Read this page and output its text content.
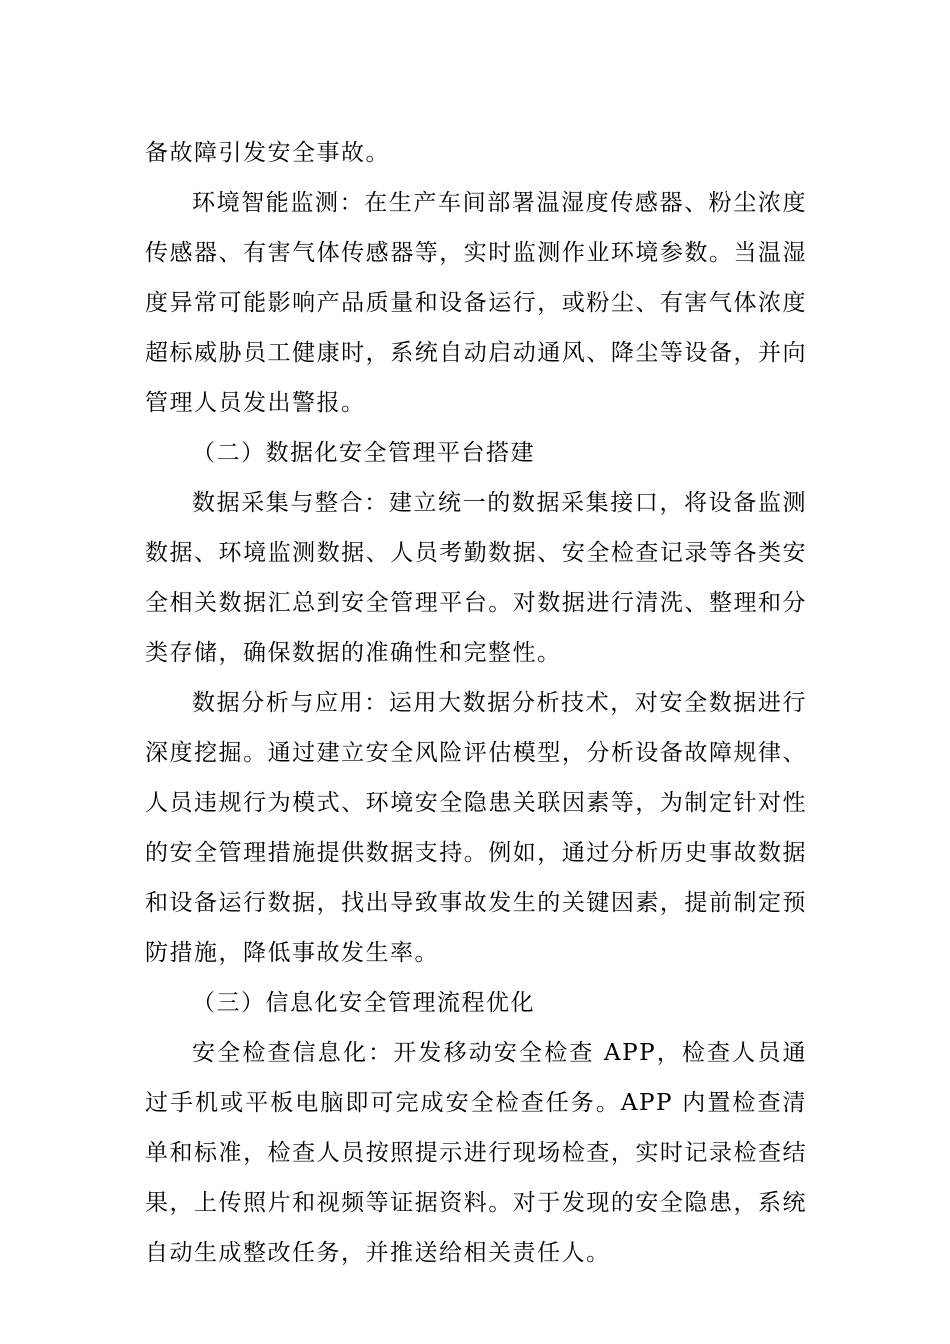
备故障引发安全事故。

环境智能监测：在生产车间部署温湿度传感器、粉尘浓度传感器、有害气体传感器等，实时监测作业环境参数。当温湿度异常可能影响产品质量和设备运行，或粉尘、有害气体浓度超标威胁员工健康时，系统自动启动通风、降尘等设备，并向管理人员发出警报。

（二）数据化安全管理平台搭建

数据采集与整合：建立统一的数据采集接口，将设备监测数据、环境监测数据、人员考勤数据、安全检查记录等各类安全相关数据汇总到安全管理平台。对数据进行清洗、整理和分类存储，确保数据的准确性和完整性。

数据分析与应用：运用大数据分析技术，对安全数据进行深度挖掘。通过建立安全风险评估模型，分析设备故障规律、人员违规行为模式、环境安全隐患关联因素等，为制定针对性的安全管理措施提供数据支持。例如，通过分析历史事故数据和设备运行数据，找出导致事故发生的关键因素，提前制定预防措施，降低事故发生率。

（三）信息化安全管理流程优化

安全检查信息化：开发移动安全检查 APP，检查人员通过手机或平板电脑即可完成安全检查任务。APP 内置检查清单和标准，检查人员按照提示进行现场检查，实时记录检查结果，上传照片和视频等证据资料。对于发现的安全隐患，系统自动生成整改任务，并推送给相关责任人。
